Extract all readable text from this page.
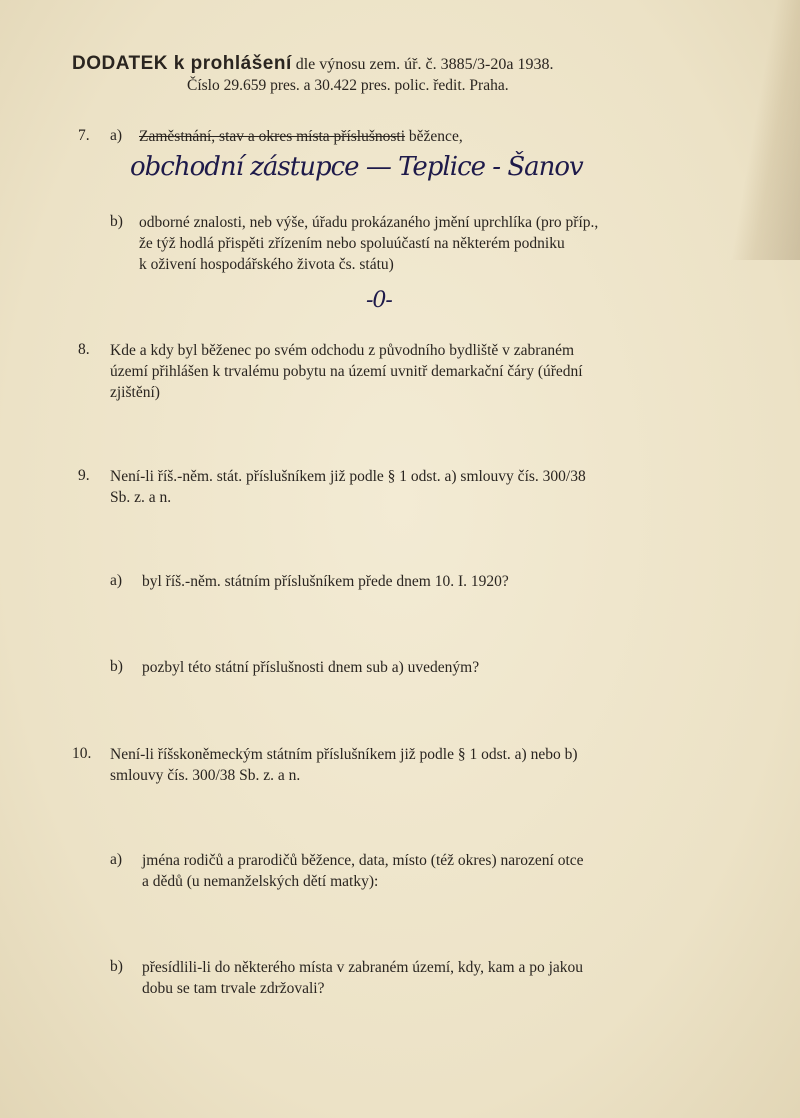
DODATEK k prohlášení dle výnosu zem. úř. č. 3885/3-20a 1938.
Číslo 29.659 pres. a 30.422 pres. polic. ředit. Praha.
7. a) Zaměstnání, stav a okres místa příslušnosti běžence,
obchodní zástupce — Teplice - Šanov
b) odborné znalosti, neb výše, úřadu prokázaného jmění uprchlíka (pro příp.,
že týž hodlá přispěti zřízením nebo spoluúčastí na některém podniku
k oživení hospodářského života čs. státu)
-0-
8. Kde a kdy byl běženec po svém odchodu z původního bydliště v zabraném
území přihlášen k trvalému pobytu na území uvnitř demarkační čáry (úřední
zjištění)
9. Není-li říš.-něm. stát. příslušníkem již podle § 1 odst. a) smlouvy čís. 300/38
Sb. z. a n.
a) byl říš.-něm. státním příslušníkem přede dnem 10. I. 1920?
b) pozbyl této státní příslušnosti dnem sub a) uvedeným?
10. Není-li říšskoněmeckým státním příslušníkem již podle § 1 odst. a) nebo b)
smlouvy čís. 300/38 Sb. z. a n.
a) jména rodičů a prarodičů běžence, data, místo (též okres) narození otce
a dědů (u nemanželských dětí matky):
b) přesídlili-li do některého místa v zabraném území, kdy, kam a po jakou
dobu se tam trvale zdržovali?
